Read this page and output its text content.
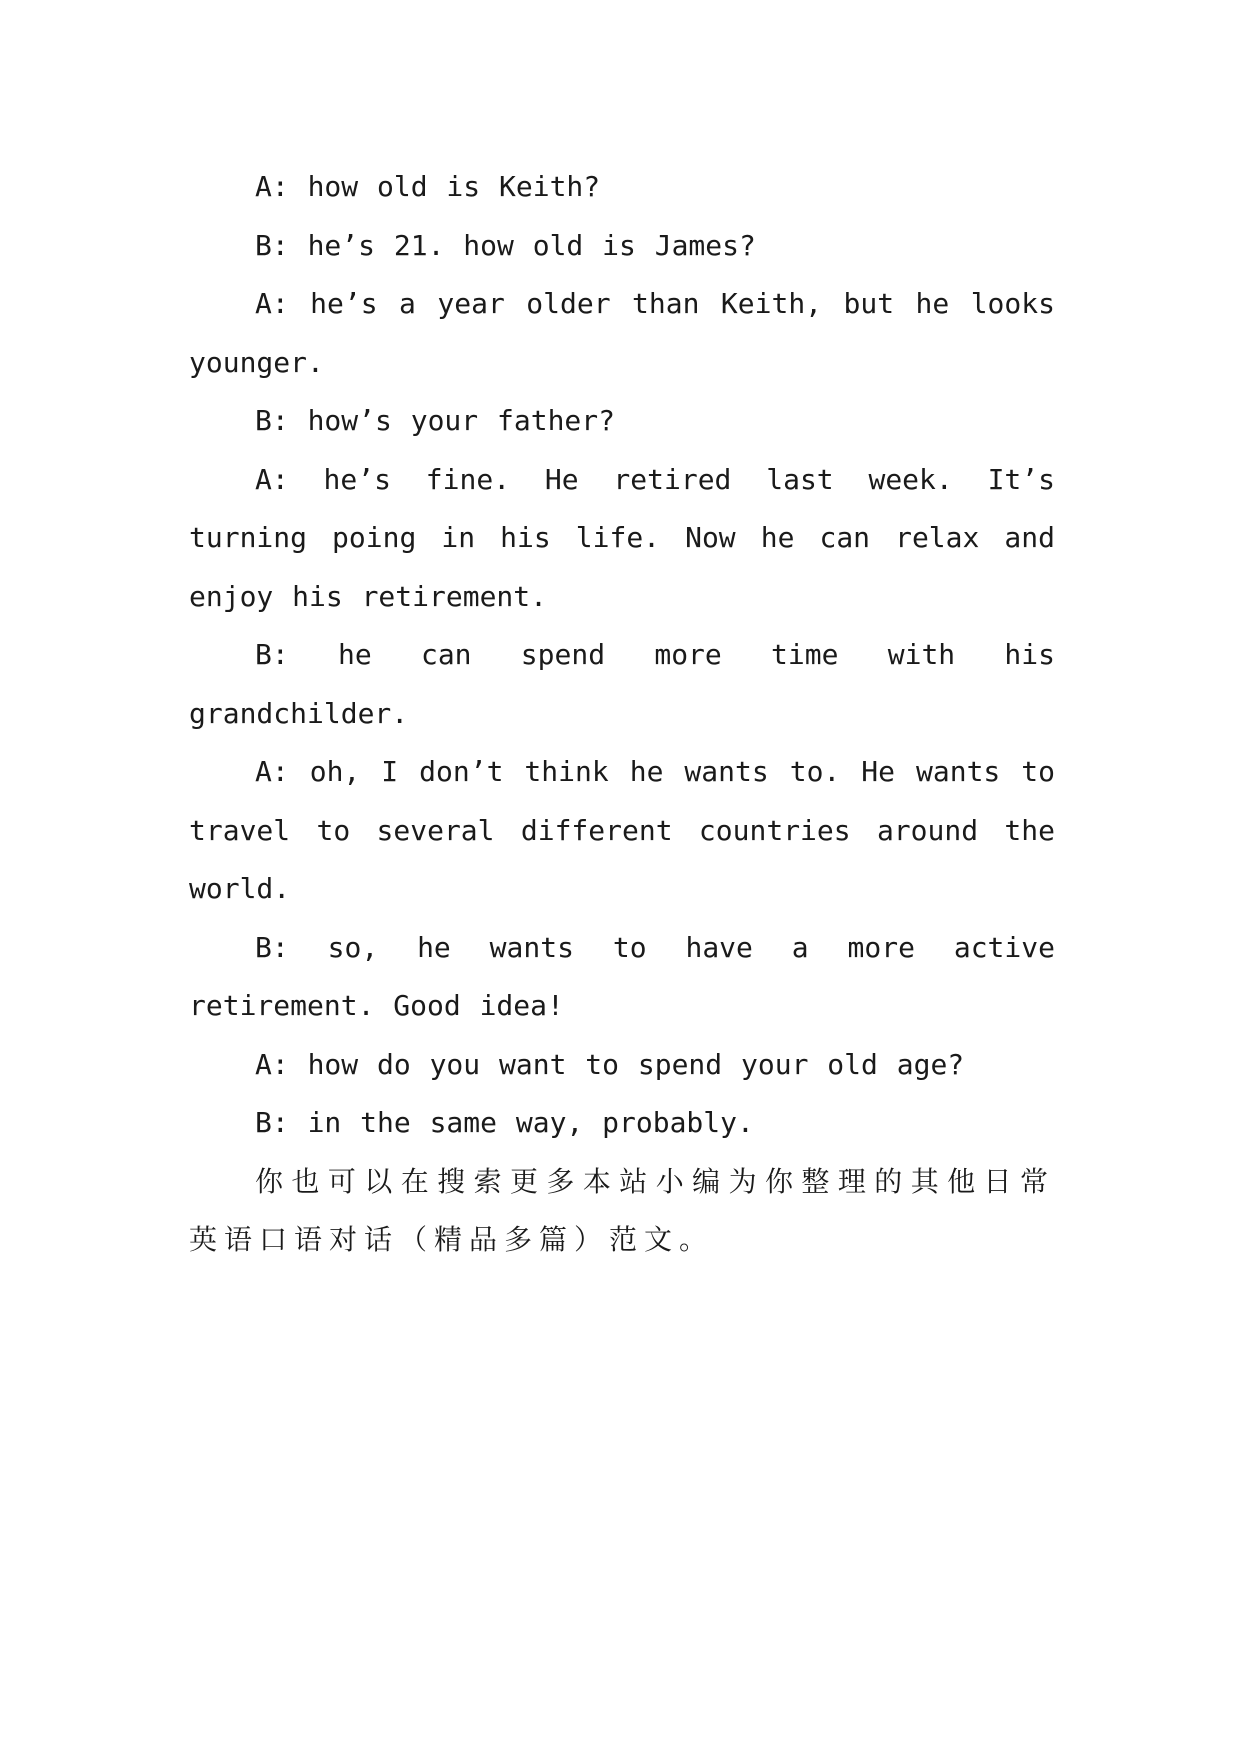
A: how old is Keith?

B: he’s 21. how old is James?

A: he’s a year older than Keith, but he looks younger.

B: how’s your father?

A: he’s fine. He retired last week. It’s turning poing in his life. Now he can relax and enjoy his retirement.

B: he can spend more time with his grandchilder.

A: oh, I don’t think he wants to. He wants to travel to several different countries around the world.

B: so, he wants to have a more active retirement. Good idea!

A: how do you want to spend your old age?

B: in the same way, probably.

你也可以在搜索更多本站小编为你整理的其他日常英语口语对话（精品多篇）范文。
